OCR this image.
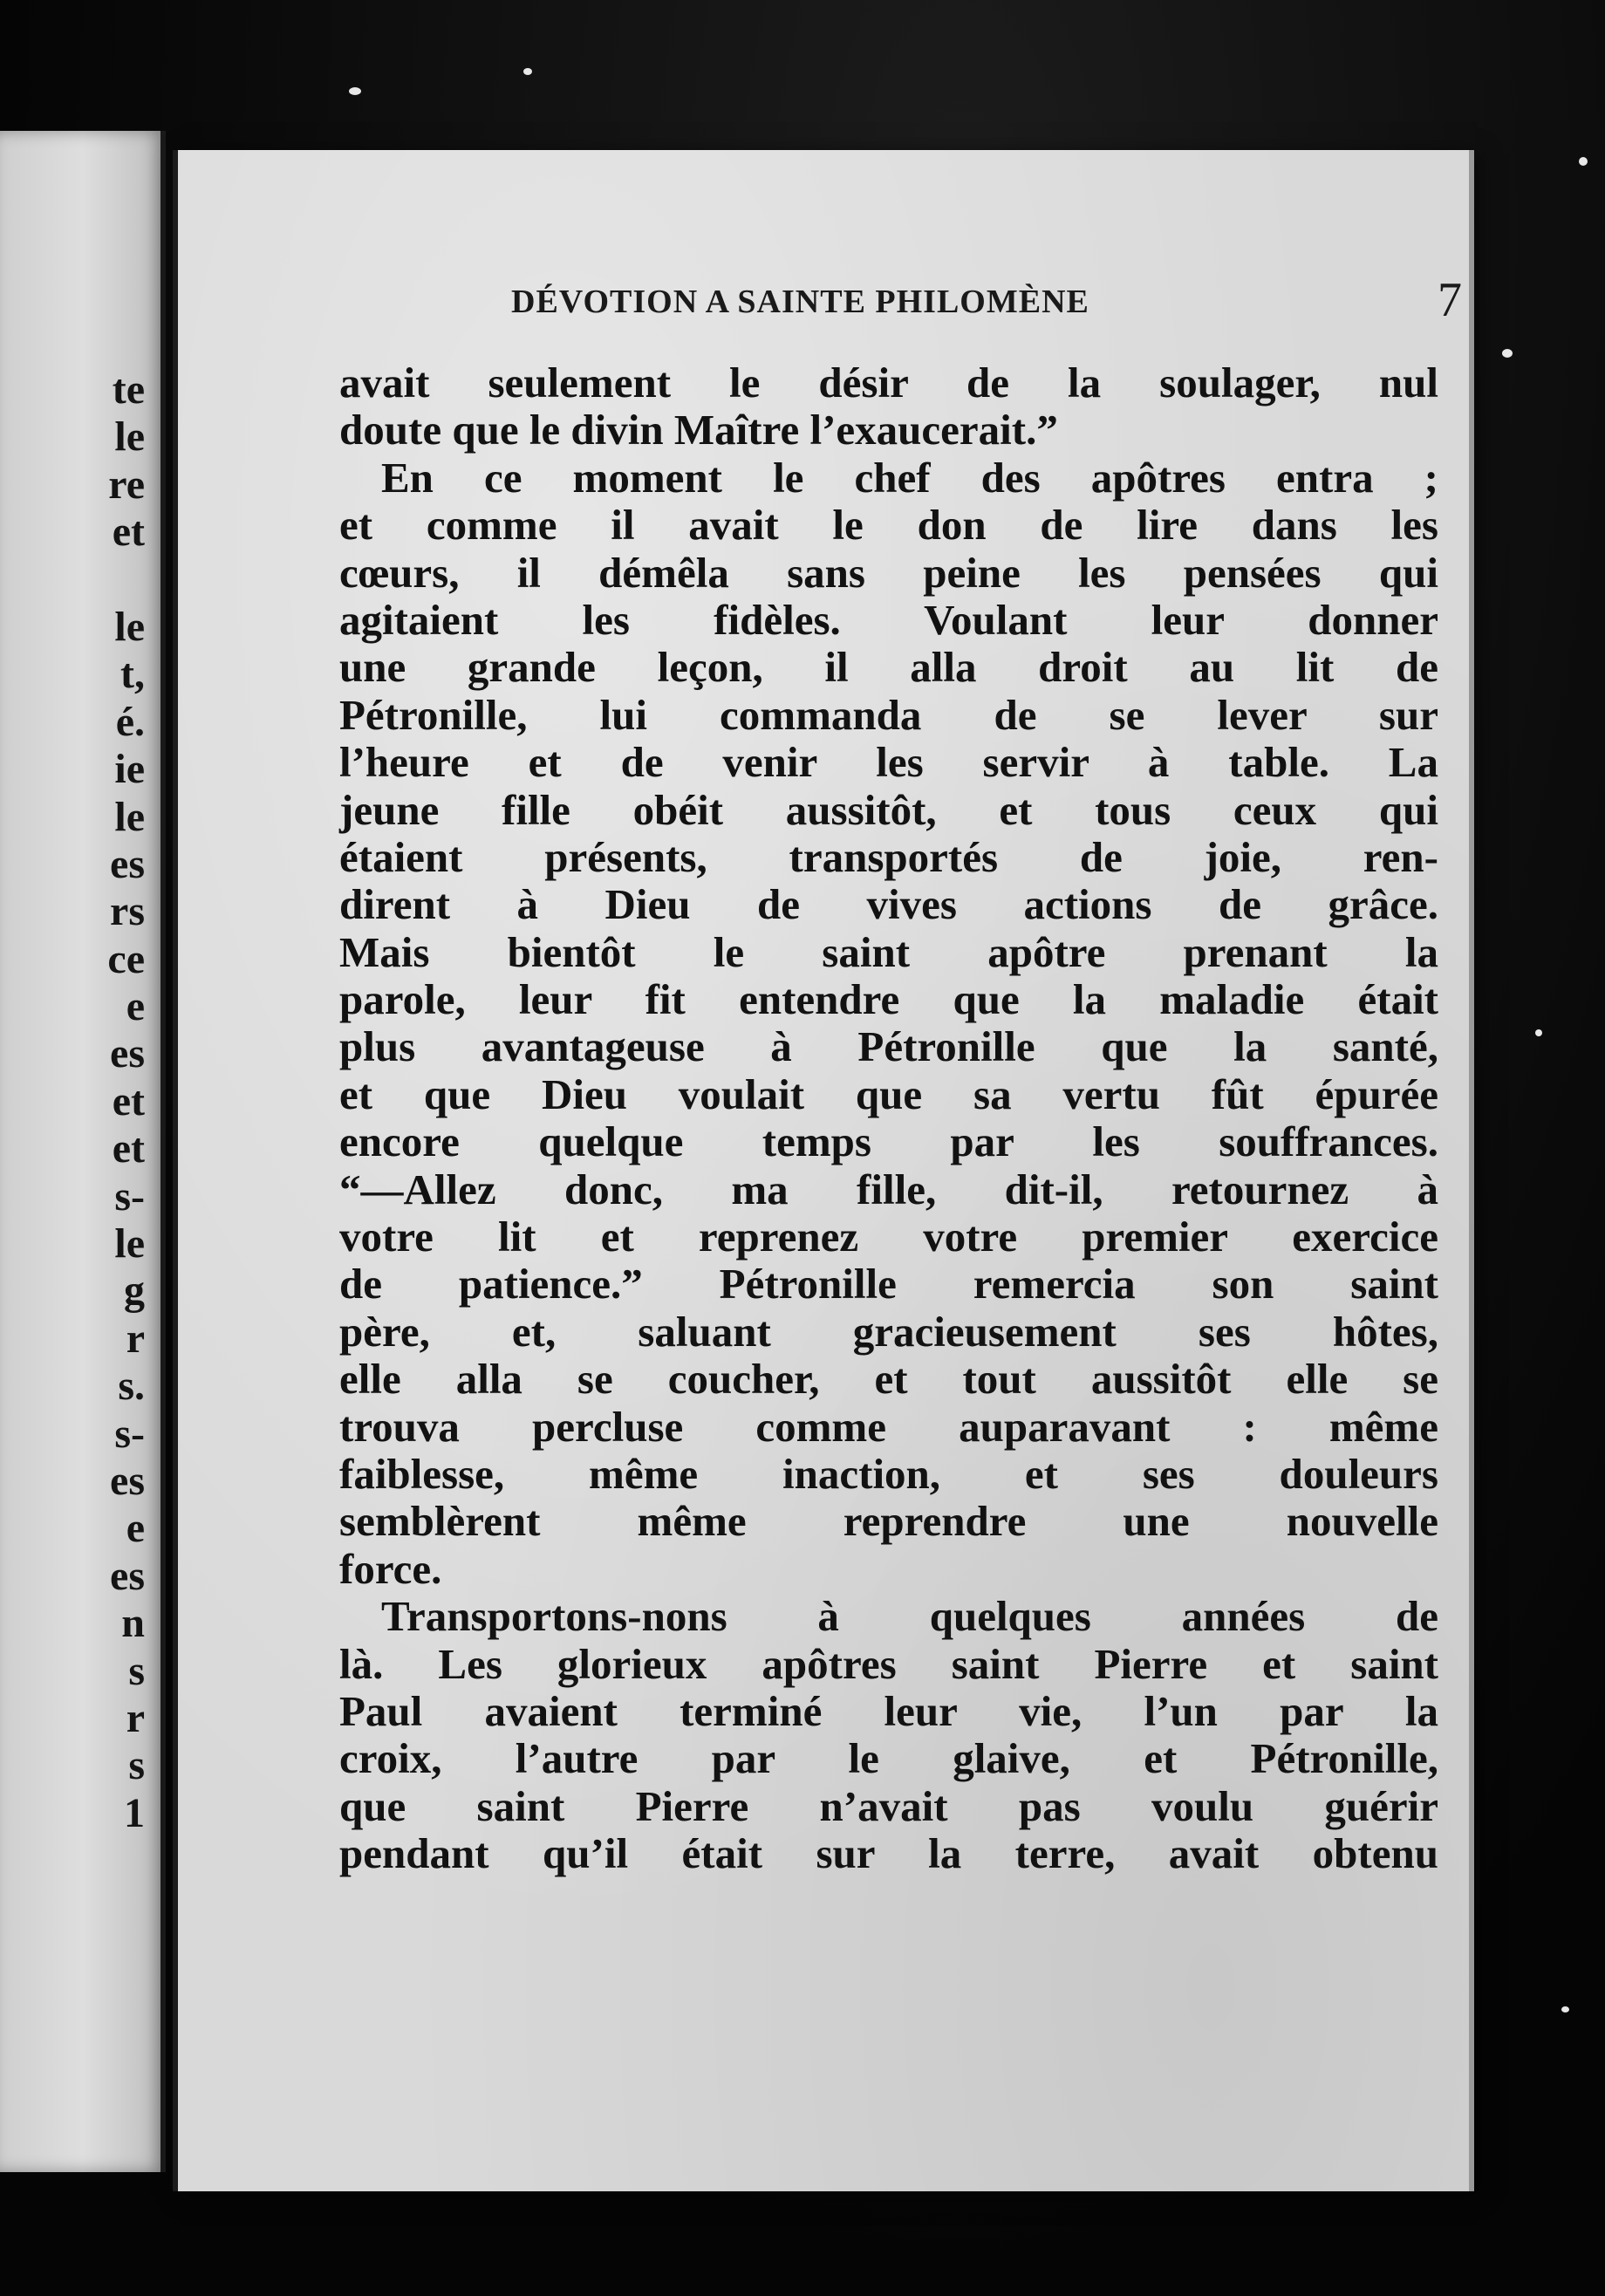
te
le
re
et
le
t,
é.
ie
le
es
rs
ce
e
es
et
et
s-
le
g
r
s.
s-
es
e
es
n
s
r
s
1
DÉVOTION A SAINTE PHILOMÈNE	7
avait seulement le désir de la soulager, nul
doute que le divin Maître l’exaucerait.”
En ce moment le chef des apôtres entra ;
et comme il avait le don de lire dans les
cœurs, il démêla sans peine les pensées qui
agitaient les fidèles. Voulant leur donner
une grande leçon, il alla droit au lit de
Pétronille, lui commanda de se lever sur
l’heure et de venir les servir à table. La
jeune fille obéit aussitôt, et tous ceux qui
étaient présents, transportés de joie, ren-
dirent à Dieu de vives actions de grâce.
Mais bientôt le saint apôtre prenant la
parole, leur fit entendre que la maladie était
plus avantageuse à Pétronille que la santé,
et que Dieu voulait que sa vertu fût épurée
encore quelque temps par les souffrances.
“—Allez donc, ma fille, dit-il, retournez à
votre lit et reprenez votre premier exercice
de patience.” Pétronille remercia son saint
père, et, saluant gracieusement ses hôtes,
elle alla se coucher, et tout aussitôt elle se
trouva percluse comme auparavant : même
faiblesse, même inaction, et ses douleurs
semblèrent même reprendre une nouvelle
force.
Transportons-nons à quelques années de
là. Les glorieux apôtres saint Pierre et saint
Paul avaient terminé leur vie, l’un par la
croix, l’autre par le glaive, et Pétronille,
que saint Pierre n’avait pas voulu guérir
pendant qu’il était sur la terre, avait obtenu
